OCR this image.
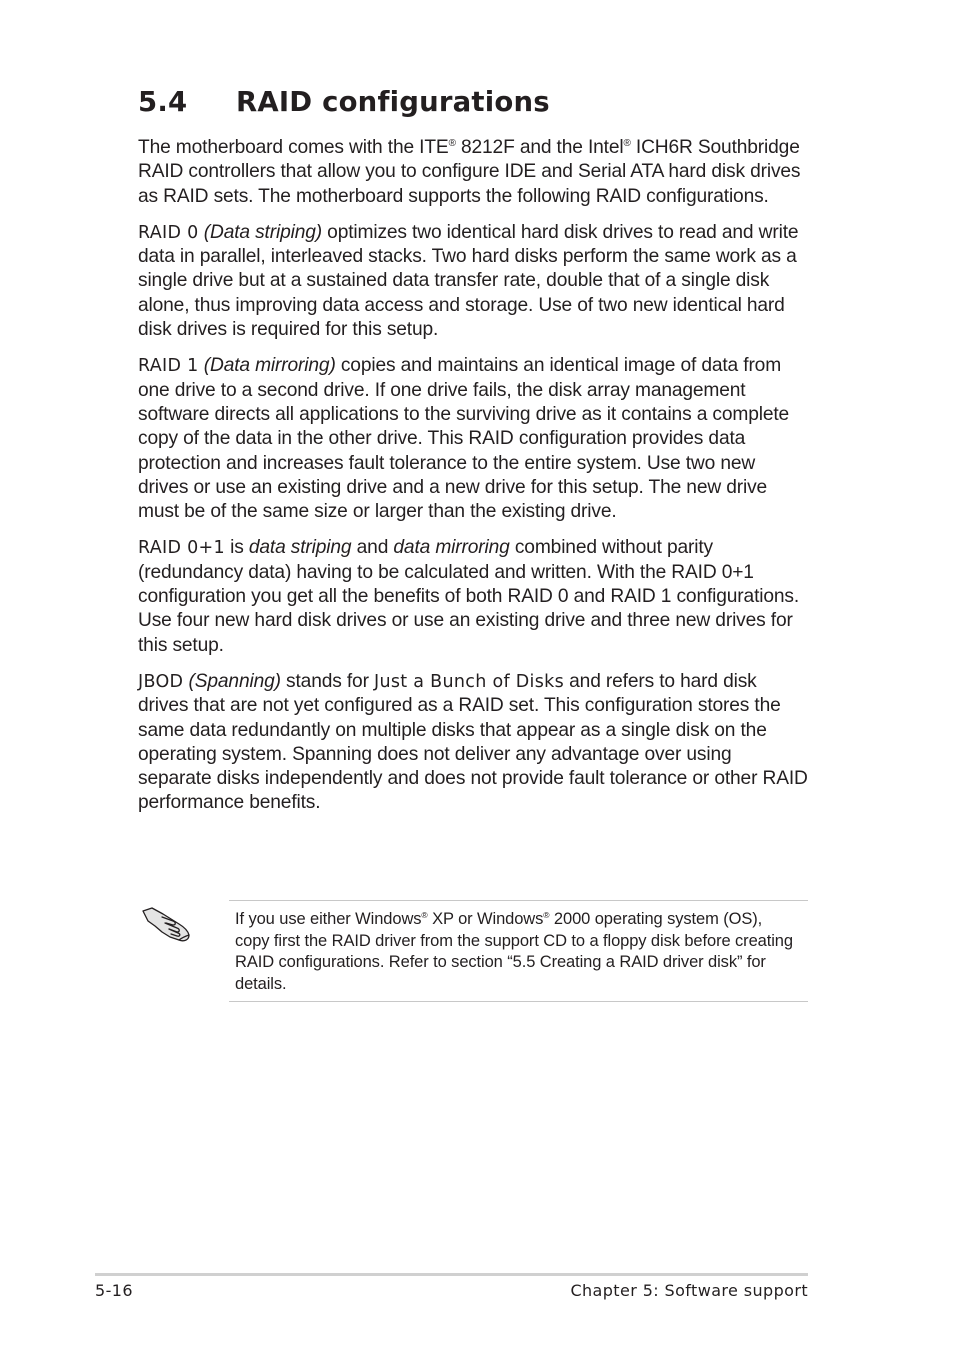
5.4 RAID configurations

The motherboard comes with the ITE® 8212F and the Intel® ICH6R Southbridge RAID controllers that allow you to configure IDE and Serial ATA hard disk drives as RAID sets. The motherboard supports the following RAID configurations.

RAID 0 (Data striping) optimizes two identical hard disk drives to read and write data in parallel, interleaved stacks. Two hard disks perform the same work as a single drive but at a sustained data transfer rate, double that of a single disk alone, thus improving data access and storage. Use of two new identical hard disk drives is required for this setup.

RAID 1 (Data mirroring) copies and maintains an identical image of data from one drive to a second drive. If one drive fails, the disk array management software directs all applications to the surviving drive as it contains a complete copy of the data in the other drive. This RAID configuration provides data protection and increases fault tolerance to the entire system. Use two new drives or use an existing drive and a new drive for this setup. The new drive must be of the same size or larger than the existing drive.

RAID 0+1 is data striping and data mirroring combined without parity (redundancy data) having to be calculated and written. With the RAID 0+1 configuration you get all the benefits of both RAID 0 and RAID 1 configurations. Use four new hard disk drives or use an existing drive and three new drives for this setup.

JBOD (Spanning) stands for Just a Bunch of Disks and refers to hard disk drives that are not yet configured as a RAID set. This configuration stores the same data redundantly on multiple disks that appear as a single disk on the operating system. Spanning does not deliver any advantage over using separate disks independently and does not provide fault tolerance or other RAID performance benefits.

If you use either Windows® XP or Windows® 2000 operating system (OS), copy first the RAID driver from the support CD to a floppy disk before creating RAID configurations. Refer to section “5.5 Creating a RAID driver disk” for details.
5-16	Chapter 5: Software support
